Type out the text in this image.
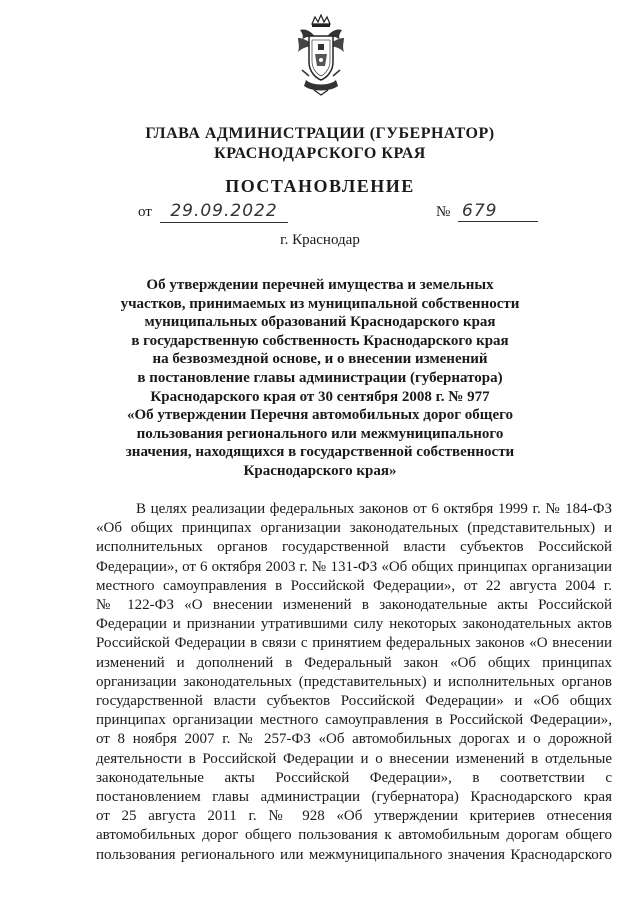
ГЛАВА АДМИНИСТРАЦИИ (ГУБЕРНАТОР)
КРАСНОДАРСКОГО КРАЯ
ПОСТАНОВЛЕНИЕ
от	29.09.2022	№ 679
г. Краснодар
Об утверждении перечней имущества и земельных
участков, принимаемых из муниципальной собственности
муниципальных образований Краснодарского края
в государственную собственность Краснодарского края
на безвозмездной основе, и о внесении изменений
в постановление главы администрации (губернатора)
Краснодарского края от 30 сентября 2008 г. № 977
«Об утверждении Перечня автомобильных дорог общего
пользования регионального или межмуниципального
значения, находящихся в государственной собственности
Краснодарского края»
В целях реализации федеральных законов от 6 октября 1999 г. № 184-ФЗ
«Об общих принципах организации законодательных (представительных) и
исполнительных органов государственной власти субъектов Российской
Федерации», от 6 октября 2003 г. № 131-ФЗ «Об общих принципах организации
местного самоуправления в Российской Федерации», от 22 августа 2004 г.
№ 122-ФЗ «О внесении изменений в законодательные акты Российской
Федерации и признании утратившими силу некоторых законодательных актов
Российской Федерации в связи с принятием федеральных законов «О внесении
изменений и дополнений в Федеральный закон «Об общих принципах
организации законодательных (представительных) и исполнительных органов
государственной власти субъектов Российской Федерации» и «Об общих
принципах организации местного самоуправления в Российской Федерации»,
от 8 ноября 2007 г. № 257-ФЗ «Об автомобильных дорогах и о дорожной
деятельности в Российской Федерации и о внесении изменений в отдельные
законодательные акты Российской Федерации», в соответствии с
постановлением главы администрации (губернатора) Краснодарского края
от 25 августа 2011 г. № 928 «Об утверждении критериев отнесения
автомобильных дорог общего пользования к автомобильным дорогам общего
пользования регионального или межмуниципального значения Краснодарского
